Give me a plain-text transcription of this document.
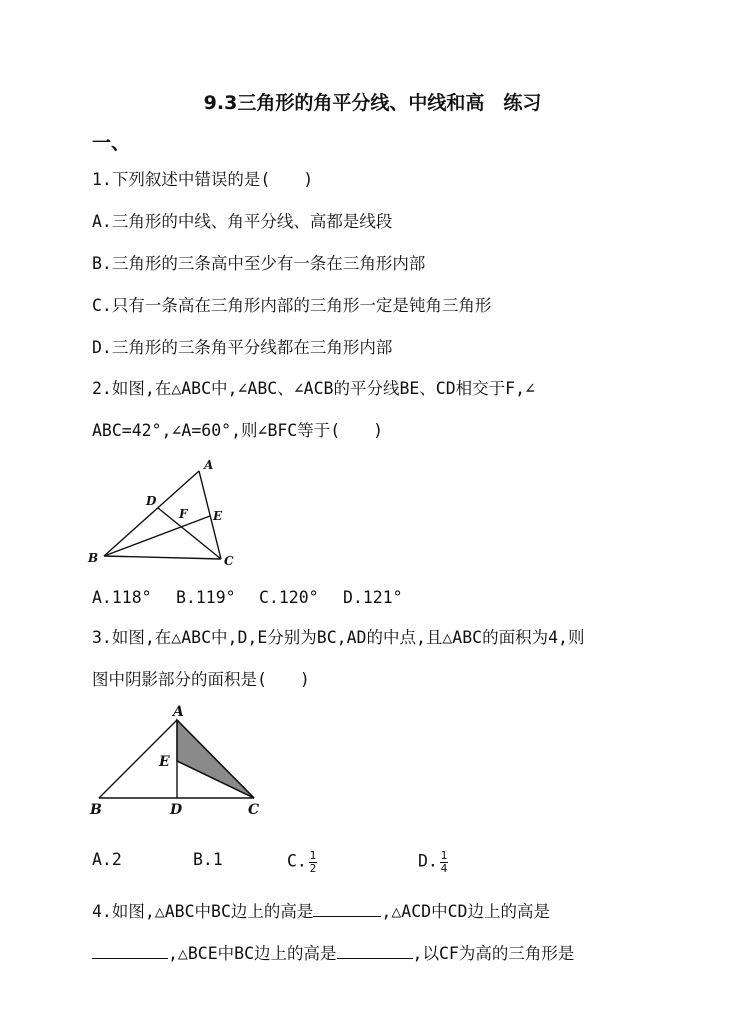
9.3三角形的角平分线、中线和高　练习
一、
1.下列叙述中错误的是(　　)
A.三角形的中线、角平分线、高都是线段
B.三角形的三条高中至少有一条在三角形内部
C.只有一条高在三角形内部的三角形一定是钝角三角形
D.三角形的三条角平分线都在三角形内部
2.如图,在△ABC中,∠ABC、∠ACB的平分线BE、CD相交于F,∠
ABC=42°,∠A=60°,则∠BFC等于(　　)
A
B	C
D
E
F
A.118° B.119° C.120° D.121°
3.如图,在△ABC中,D,E分别为BC,AD的中点,且△ABC的面积为4,则
图中阴影部分的面积是(　　)
A
B	C
D
E
A.2	B.1	C. $\frac{1}{2}$	D. $\frac{1}{4}$
4.如图,△ABC中BC边上的高是	,△ACD中CD边上的高是
,△BCE中BC边上的高是	,以CF为高的三角形是
